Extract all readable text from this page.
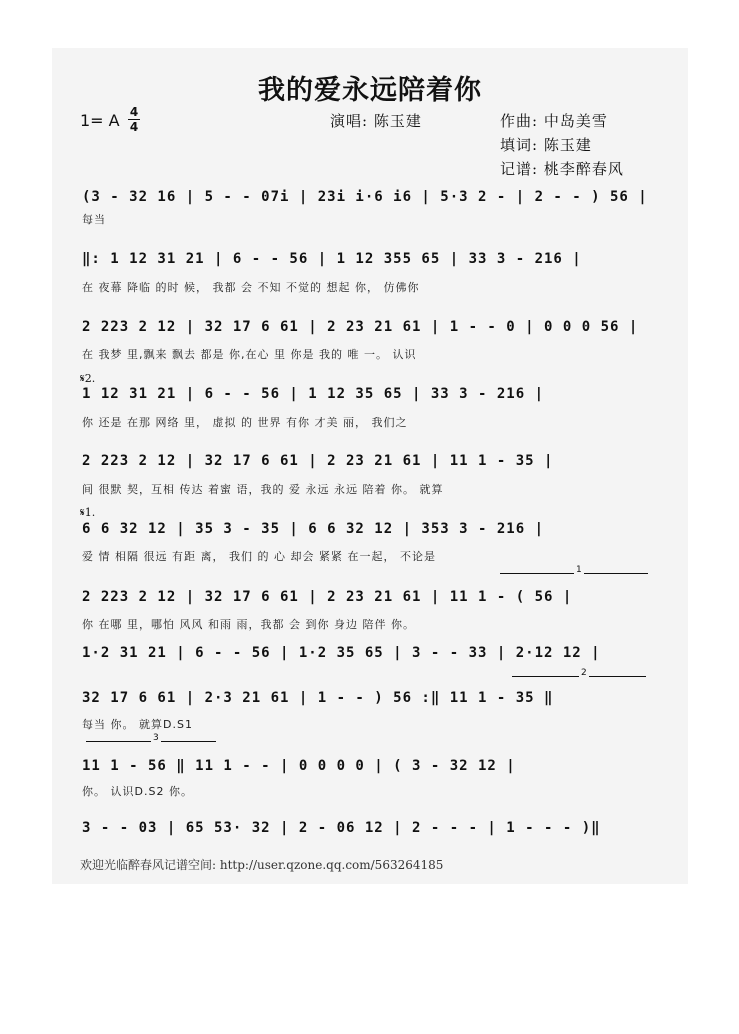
我的爱永远陪着你
1= A 4
4	演唱: 陈玉建	作曲: 中岛美雪
填词: 陈玉建
记谱: 桃李醉春风
(3 - 32 16 | 5 - - 07i | 23i i·6 i6 | 5·3 2 - | 2 - - ) 56 |
每当
‖: 1 12 31 21 | 6 - - 56 | 1 12 355 65 | 33 3 - 216 |
在 夜幕 降临 的时 候， 我都 会 不知 不觉的 想起 你， 仿佛你
2 223 2 12 | 32 17 6 61 | 2 23 21 61 | 1 - - 0 | 0 0 0 56 |
在 我梦 里,飘来 飘去 都是 你,在心 里 你是 我的 唯 一。 认识
𝄋2.
1 12 31 21 | 6 - - 56 | 1 12 35 65 | 33 3 - 216 |
你 还是 在那 网络 里， 虚拟 的 世界 有你 才美 丽， 我们之
2 223 2 12 | 32 17 6 61 | 2 23 21 61 | 11 1 - 35 |
间 很默 契，互相 传达 着蜜 语，我的 爱 永远 永远 陪着 你。 就算
𝄋1.
6 6 32 12 | 35 3 - 35 | 6 6 32 12 | 353 3 - 216 |
爱 情 相隔 很远 有距 离， 我们 的 心 却会 紧紧 在一起， 不论是
1
2 223 2 12 | 32 17 6 61 | 2 23 21 61 | 11 1 - ( 56 |
你 在哪 里，哪怕 风风 和雨 雨，我都 会 到你 身边 陪伴 你。
1·2 31 21 | 6 - - 56 | 1·2 35 65 | 3 - - 33 | 2·12 12 |
2
32 17 6 61 | 2·3 21 61 | 1 - - ) 56 :‖ 11 1 - 35 ‖
每当 你。 就算D.S1
3
11 1 - 56 ‖ 11 1 - - | 0 0 0 0 | ( 3 - 32 12 |
你。 认识D.S2 你。
3 - - 03 | 65 53· 32 | 2 - 06 12 | 2 - - - | 1 - - - )‖
欢迎光临醉春风记谱空间: http://user.qzone.qq.com/563264185
